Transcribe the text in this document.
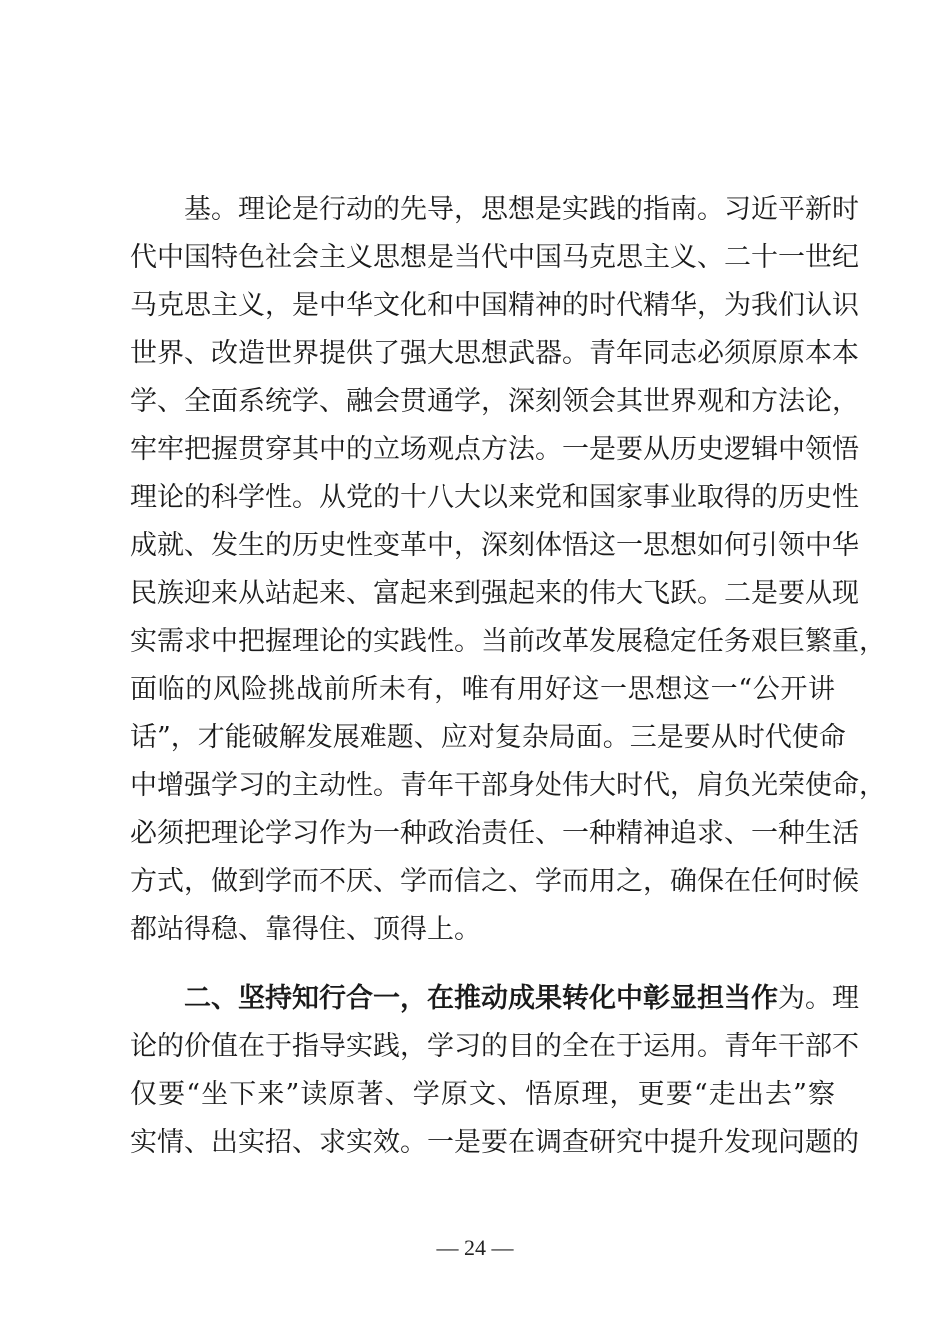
基。理论是行动的先导，思想是实践的指南。习近平新时
代中国特色社会主义思想是当代中国马克思主义、二十一世纪
马克思主义，是中华文化和中国精神的时代精华，为我们认识
世界、改造世界提供了强大思想武器。青年同志必须原原本本
学、全面系统学、融会贯通学，深刻领会其世界观和方法论，
牢牢把握贯穿其中的立场观点方法。一是要从历史逻辑中领悟
理论的科学性。从党的十八大以来党和国家事业取得的历史性
成就、发生的历史性变革中，深刻体悟这一思想如何引领中华
民族迎来从站起来、富起来到强起来的伟大飞跃。二是要从现
实需求中把握理论的实践性。当前改革发展稳定任务艰巨繁重，
面临的风险挑战前所未有，唯有用好这一思想这一“公开讲
话”，才能破解发展难题、应对复杂局面。三是要从时代使命
中增强学习的主动性。青年干部身处伟大时代，肩负光荣使命，
必须把理论学习作为一种政治责任、一种精神追求、一种生活
方式，做到学而不厌、学而信之、学而用之，确保在任何时候
都站得稳、靠得住、顶得上。
二、坚持知行合一，在推动成果转化中彰显担当作为。理
论的价值在于指导实践，学习的目的全在于运用。青年干部不
仅要“坐下来”读原著、学原文、悟原理，更要“走出去”察
实情、出实招、求实效。一是要在调查研究中提升发现问题的
— 24 —
